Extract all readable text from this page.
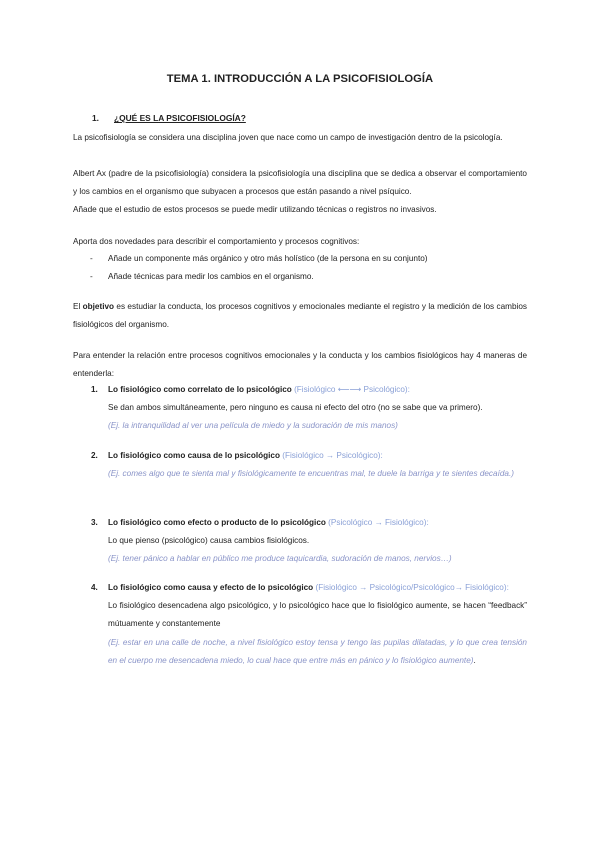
TEMA 1. INTRODUCCIÓN A LA PSICOFISIOLOGÍA
1. ¿QUÉ ES LA PSICOFISIOLOGÍA?
La psicofisiología se considera una disciplina joven que nace como un campo de investigación dentro de la psicología.
Albert Ax (padre de la psicofisiología) considera la psicofisiología una disciplina que se dedica a observar el comportamiento y los cambios en el organismo que subyacen a procesos que están pasando a nivel psíquico.
Añade que el estudio de estos procesos se puede medir utilizando técnicas o registros no invasivos.
Aporta dos novedades para describir el comportamiento y procesos cognitivos:
- Añade un componente más orgánico y otro más holístico (de la persona en su conjunto)
- Añade técnicas para medir los cambios en el organismo.
El objetivo es estudiar la conducta, los procesos cognitivos y emocionales mediante el registro y la medición de los cambios fisiológicos del organismo.
Para entender la relación entre procesos cognitivos emocionales y la conducta y los cambios fisiológicos hay 4 maneras de entenderla:
1. Lo fisiológico como correlato de lo psicológico (Fisiológico ⟵⟶ Psicológico):
Se dan ambos simultáneamente, pero ninguno es causa ni efecto del otro (no se sabe que va primero).
(Ej. la intranquilidad al ver una película de miedo y la sudoración de mis manos)
2. Lo fisiológico como causa de lo psicológico (Fisiológico → Psicológico):
(Ej. comes algo que te sienta mal y fisiológicamente te encuentras mal, te duele la barriga y te sientes decaída.)
3. Lo fisiológico como efecto o producto de lo psicológico (Psicológico → Fisiológico):
Lo que pienso (psicológico) causa cambios fisiológicos.
(Ej. tener pánico a hablar en público me produce taquicardia, sudoración de manos, nervios…)
4. Lo fisiológico como causa y efecto de lo psicológico (Fisiológico → Psicológico/Psicológico→ Fisiológico):
Lo fisiológico desencadena algo psicológico, y lo psicológico hace que lo fisiológico aumente, se hacen “feedback” mútuamente y constantemente
(Ej. estar en una calle de noche, a nivel fisiológico estoy tensa y tengo las pupilas dilatadas, y lo que crea tensión en el cuerpo me desencadena miedo, lo cual hace que entre más en pánico y lo fisiológico aumente).
